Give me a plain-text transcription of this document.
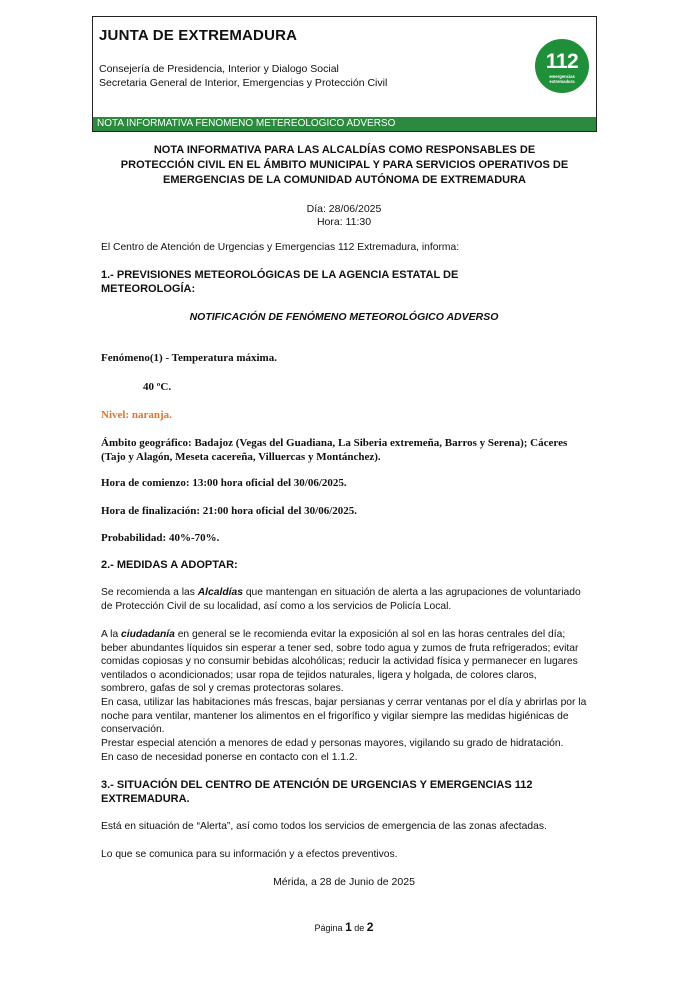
JUNTA DE EXTREMADURA
Consejería de Presidencia, Interior y Dialogo Social
Secretaria General de Interior, Emergencias y Protección Civil
112
emergencias
extremadura
NOTA INFORMATIVA FENOMENO METEREOLOGICO ADVERSO
NOTA INFORMATIVA PARA LAS ALCALDÍAS COMO RESPONSABLES DE
PROTECCIÓN CIVIL EN EL ÁMBITO MUNICIPAL Y PARA SERVICIOS OPERATIVOS DE
EMERGENCIAS DE LA COMUNIDAD AUTÓNOMA DE EXTREMADURA
Día: 28/06/2025
Hora: 11:30
El Centro de Atención de Urgencias y Emergencias 112 Extremadura, informa:
1.- PREVISIONES METEOROLÓGICAS DE LA AGENCIA ESTATAL DE
METEOROLOGÍA:
NOTIFICACIÓN DE FENÓMENO METEOROLÓGICO ADVERSO
Fenómeno(1) - Temperatura máxima.
40 ºC.
Nivel: naranja.
Ámbito geográfico: Badajoz (Vegas del Guadiana, La Siberia extremeña, Barros y Serena); Cáceres
(Tajo y Alagón, Meseta cacereña, Villuercas y Montánchez).
Hora de comienzo: 13:00 hora oficial del 30/06/2025.
Hora de finalización: 21:00 hora oficial del 30/06/2025.
Probabilidad: 40%-70%.
2.- MEDIDAS A ADOPTAR:
Se recomienda a las Alcaldías que mantengan en situación de alerta a las agrupaciones de voluntariado
de Protección Civil de su localidad, así como a los servicios de Policía Local.
A la ciudadanía en general se le recomienda evitar la exposición al sol en las horas centrales del día;
beber abundantes líquidos sin esperar a tener sed, sobre todo agua y zumos de fruta refrigerados; evitar
comidas copiosas y no consumir bebidas alcohólicas; reducir la actividad física y permanecer en lugares
ventilados o acondicionados; usar ropa de tejidos naturales, ligera y holgada, de colores claros,
sombrero, gafas de sol y cremas protectoras solares.
En casa, utilizar las habitaciones más frescas, bajar persianas y cerrar ventanas por el día y abrirlas por la
noche para ventilar, mantener los alimentos en el frigorífico y vigilar siempre las medidas higiénicas de
conservación.
Prestar especial atención a menores de edad y personas mayores, vigilando su grado de hidratación.
En caso de necesidad ponerse en contacto con el 1.1.2.
3.- SITUACIÓN DEL CENTRO DE ATENCIÓN DE URGENCIAS Y EMERGENCIAS 112
EXTREMADURA.
Está en situación de “Alerta”, así como todos los servicios de emergencia de las zonas afectadas.
Lo que se comunica para su información y a efectos preventivos.
Mérida, a 28 de Junio de 2025
Página 1 de 2
